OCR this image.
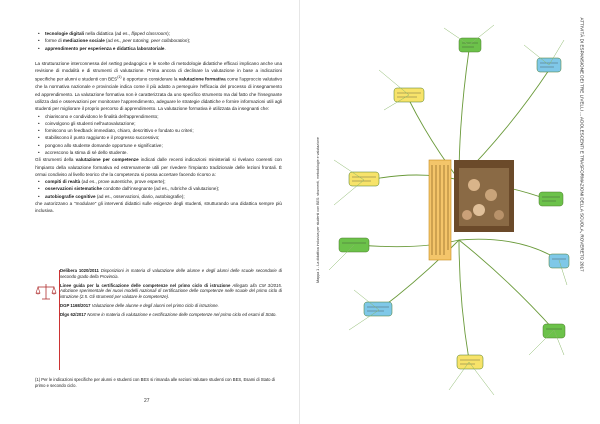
• tecnologie digitali nella didattica (ad es., flipped classroom);
• forme di mediazione sociale (ad es., peer tutoring, peer collaboration);
• apprendimento per esperienza e didattica laboratoriale.

La strutturazione interconnessa del setting pedagogico e le scelte di metodologie didattiche efficaci implicano anche una revisione di modalità e di strumenti di valutazione. Prima ancora di declinare la valutazione in base a indicazioni specifiche per alunni e studenti con BES$^{(1)}$ è opportuno considerare la valutazione formativa come l'approccio valutativo che la normativa nazionale e provinciale indica come il più adatto a perseguire l'efficacia del processo di insegnamento ed apprendimento. La valutazione formativa non è caratterizzata da uno specifico strumento ma dal fatto che l'insegnante utilizza dati e osservazioni per monitorare l'apprendimento, adeguare le strategie didattiche e fornire informazioni utili agli studenti per migliorare il proprio percorso di apprendimento. La valutazione formativa è utilizzata da insegnanti che:

• chiariscono e condividono le finalità dell'apprendimento;
• coinvolgono gli studenti nell'autovalutazione;
• forniscono un feedback immediato, chiaro, descrittivo e fondato su criteri;
• stabiliscono il punto raggiunto e il progresso successivo;
• pongono allo studente domande opportune e significative;
• accrescono la stima di sé dello studente.

Gli strumenti della valutazione per competenze indicati dalle recenti indicazioni ministeriali si rivelano coerenti con l'impianto della valutazione formativa ed estremamente utili per rivedere l'impianto tradizionale delle lezioni frontali. È ormai condiviso al livello teorico che la competenza si possa accertare facendo ricorso a:

• compiti di realtà (ad es., prove autentiche, prove esperte);
• osservazioni sistematiche condotte dall'insegnante (ad es., rubriche di valutazione);
• autobiografie cognitive (ad es., osservazioni, diario, autobiografie);

che autorizzano a "modulare" gli interventi didattici sulle esigenze degli studenti, strutturando una didattica sempre più inclusiva.

Delibera 1020/2011 Disposizioni in materia di valutazione delle alunne e degli alunni delle scuole secondarie di secondo grado della Provincia.
Linee guida per la certificazione delle competenze nel primo ciclo di istruzione Allegato alla CM 3/2015. Adozione sperimentale dei nuovi modelli nazionali di certificazione delle competenze nelle scuole del primo ciclo di istruzione (2.5. Gli strumenti per valutare le competenze).
DGP 1168/2017 Valutazione delle alunne e degli alunni nel primo ciclo di istruzione.
Dlgs 62/2017 Norme in materia di valutazione e certificazione delle competenze nel primo ciclo ed esami di Stato.
(1) Per le indicazioni specifiche per alunni e studenti con BES si rimanda alle sezioni Valutare studenti con BES, Esami di Stato di primo e secondo ciclo.
27
Mappa 1 - La didattica inclusiva per studenti con BES: strumenti, metodologie e valutazione	ATTIVITÀ DI ESPANSIONE DEI TRE LIVELLI ... ADOLESCENTI E TRASFORMAZIONI DELLA SCUOLA, ROVERETO 2017
